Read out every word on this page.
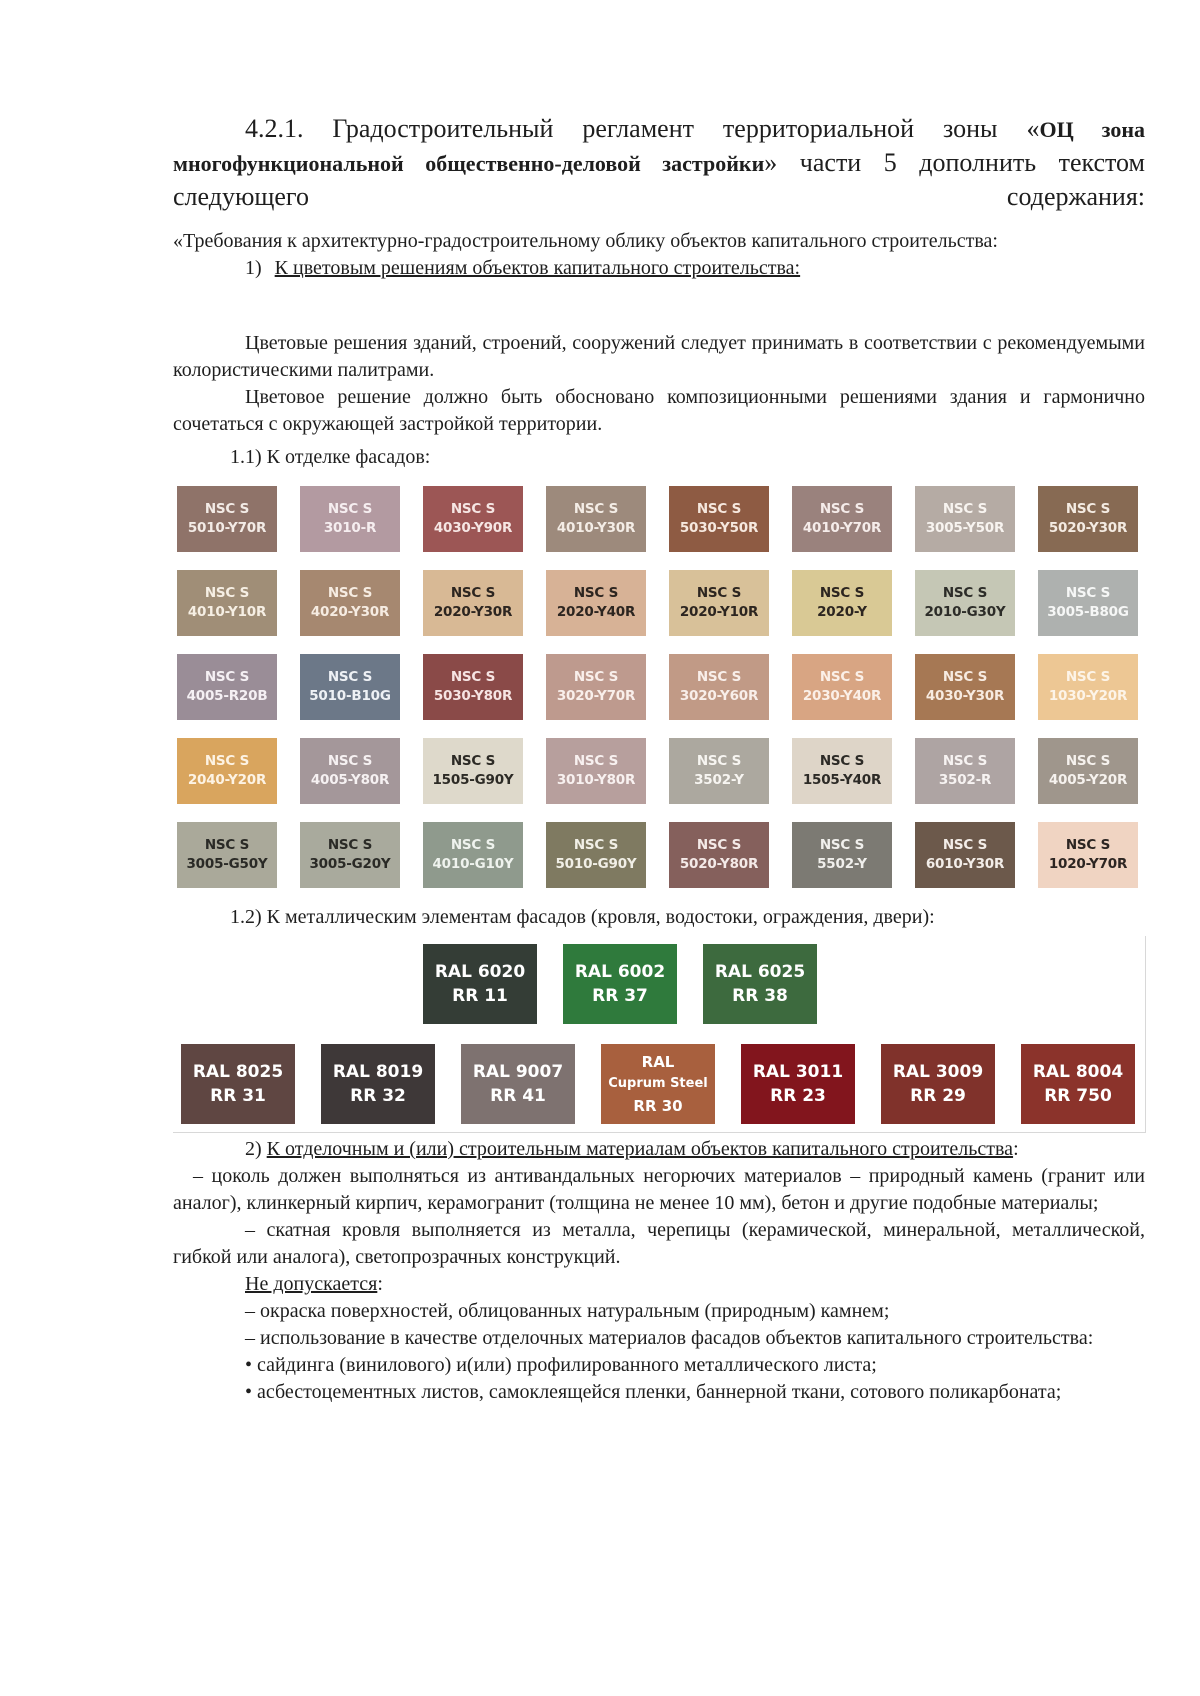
4.2.1. Градостроительный регламент территориальной зоны «ОЦ зона многофункциональной общественно-деловой застройки» части 5 дополнить текстом следующего содержания:

«Требования к архитектурно-градостроительному облику объектов капитального строительства:

1) К цветовым решениям объектов капитального строительства:

Цветовые решения зданий, строений, сооружений следует принимать в соответствии с рекомендуемыми колористическими палитрами.

Цветовое решение должно быть обосновано композиционными решениями здания и гармонично сочетаться с окружающей застройкой территории.

1.1) К отделке фасадов:

NSC S
5010-Y70R
NSC S
3010-R
NSC S
4030-Y90R
NSC S
4010-Y30R
NSC S
5030-Y50R
NSC S
4010-Y70R
NSC S
3005-Y50R
NSC S
5020-Y30R
NSC S
4010-Y10R
NSC S
4020-Y30R
NSC S
2020-Y30R
NSC S
2020-Y40R
NSC S
2020-Y10R
NSC S
2020-Y
NSC S
2010-G30Y
NSC S
3005-B80G
NSC S
4005-R20B
NSC S
5010-B10G
NSC S
5030-Y80R
NSC S
3020-Y70R
NSC S
3020-Y60R
NSC S
2030-Y40R
NSC S
4030-Y30R
NSC S
1030-Y20R
NSC S
2040-Y20R
NSC S
4005-Y80R
NSC S
1505-G90Y
NSC S
3010-Y80R
NSC S
3502-Y
NSC S
1505-Y40R
NSC S
3502-R
NSC S
4005-Y20R
NSC S
3005-G50Y
NSC S
3005-G20Y
NSC S
4010-G10Y
NSC S
5010-G90Y
NSC S
5020-Y80R
NSC S
5502-Y
NSC S
6010-Y30R
NSC S
1020-Y70R

1.2) К металлическим элементам фасадов (кровля, водостоки, ограждения, двери):

RAL 6020
RR 11
RAL 6002
RR 37
RAL 6025
RR 38
RAL 8025
RR 31
RAL 8019
RR 32
RAL 9007
RR 41
RAL
Cuprum Steel
RR 30
RAL 3011
RR 23
RAL 3009
RR 29
RAL 8004
RR 750

2) К отделочным и (или) строительным материалам объектов капитального строительства:

– цоколь должен выполняться из антивандальных негорючих материалов – природный камень (гранит или аналог), клинкерный кирпич, керамогранит (толщина не менее 10 мм), бетон и другие подобные материалы;

– скатная кровля выполняется из металла, черепицы (керамической, минеральной, металлической, гибкой или аналога), светопрозрачных конструкций.

Не допускается:

– окраска поверхностей, облицованных натуральным (природным) камнем;

– использование в качестве отделочных материалов фасадов объектов капитального строительства:

• сайдинга (винилового) и(или) профилированного металлического листа;

• асбестоцементных листов, самоклеящейся пленки, баннерной ткани, сотового поликарбоната;
